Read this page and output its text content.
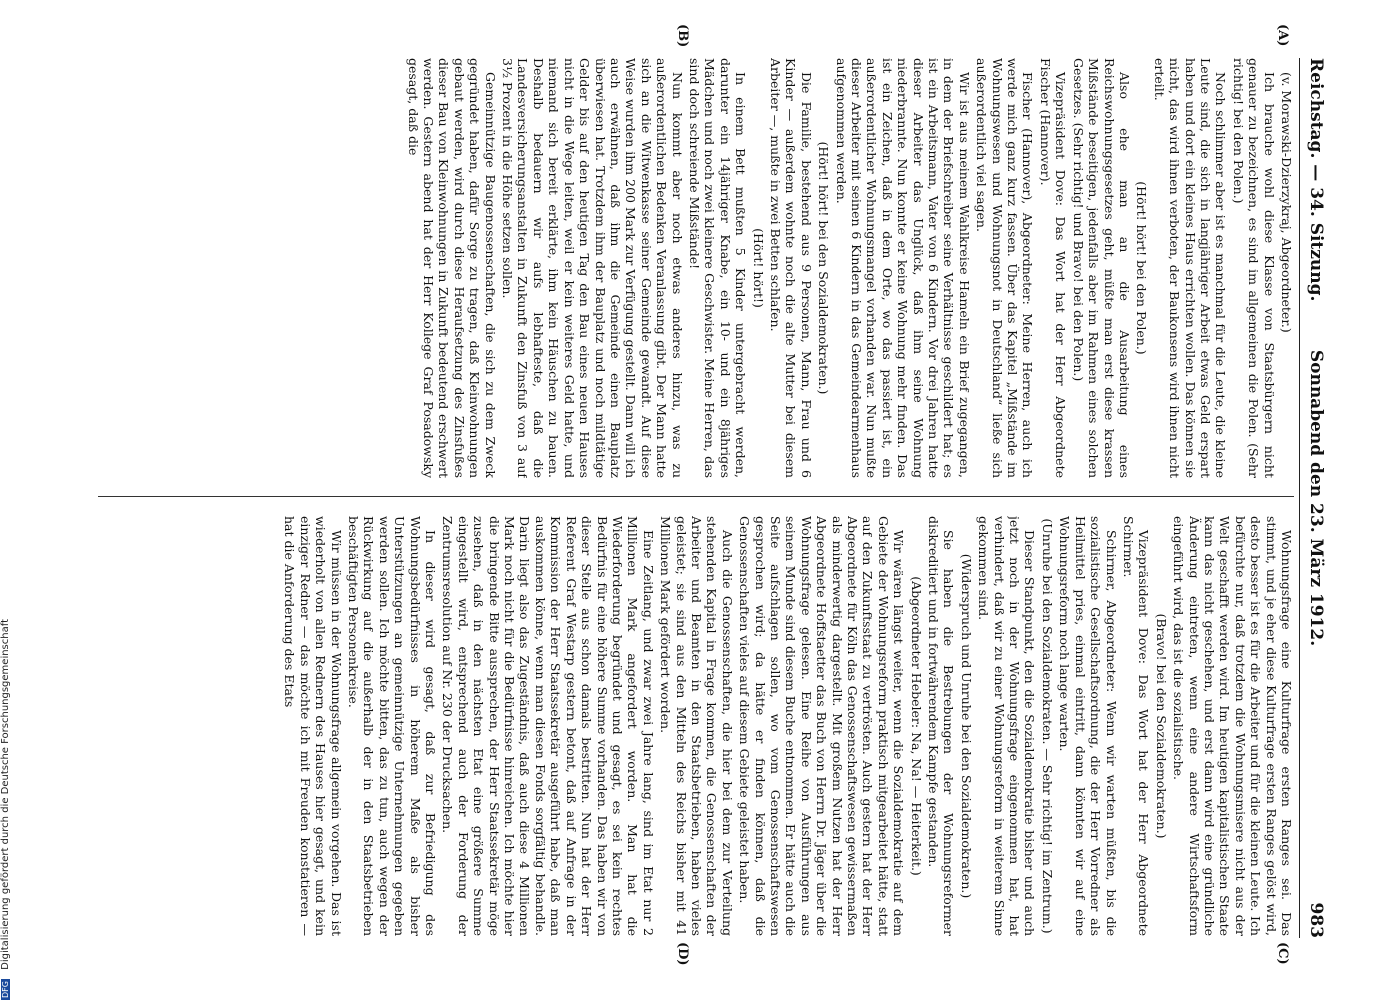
Reichstag. — 34. Sitzung.
Sonnabend den 23. März 1912.
983
(A)
(B)
(C)
(D)

(v. Morawski-Dzierzykraj, Abgeordneter.)

Ich brauche wohl diese Klasse von Staatsbürgern nicht genauer zu bezeichnen, es sind im allgemeinen die Polen. (Sehr richtig! bei den Polen.)

Noch schlimmer aber ist es manchmal für die Leute, die kleine Leute sind, die sich in langjähriger Arbeit etwas Geld erspart haben und dort ein kleines Haus errichten wollen. Das können sie nicht, das wird ihnen verboten, der Baukonsens wird ihnen nicht erteilt.

(Hört! hört! bei den Polen.)

Also ehe man an die Ausarbeitung eines Reichswohnungsgesetzes geht, müßte man erst diese krassen Mißstände beseitigen, jedenfalls aber im Rahmen eines solchen Gesetzes. (Sehr richtig! und Bravo! bei den Polen.)

Vizepräsident Dove: Das Wort hat der Herr Abgeordnete Fischer (Hannover).

Fischer (Hannover), Abgeordneter: Meine Herren, auch ich werde mich ganz kurz fassen. Über das Kapitel „Mißstände im Wohnungswesen und Wohnungsnot in Deutschland“ ließe sich außerordentlich viel sagen.

Wir ist aus meinem Wahlkreise Hameln ein Brief zugegangen, in dem der Briefschreiber seine Verhältnisse geschildert hat; es ist ein Arbeitsmann, Vater von 6 Kindern. Vor drei Jahren hatte dieser Arbeiter das Unglück, daß ihm seine Wohnung niederbrannte. Nun konnte er keine Wohnung mehr finden. Das ist ein Zeichen, daß in dem Orte, wo das passiert ist, ein außerordentlicher Wohnungsmangel vorhanden war. Nun mußte dieser Arbeiter mit seinen 6 Kindern in das Gemeindearmenhaus aufgenommen werden.

(Hört! hört! bei den Sozialdemokraten.)

Die Familie, bestehend aus 9 Personen, Mann, Frau und 6 Kinder — außerdem wohnte noch die alte Mutter bei diesem Arbeiter —, mußte in zwei Betten schlafen.

(Hört! hört!)

In einem Bett mußten 5 Kinder untergebracht werden, darunter ein 14jähriger Knabe, ein 10- und ein 8jähriges Mädchen und noch zwei kleinere Geschwister. Meine Herren, das sind doch schreiende Mißstände!

Nun kommt aber noch etwas anderes hinzu, was zu außerordentlichen Bedenken Veranlassung gibt. Der Mann hatte sich an die Witwenkasse seiner Gemeinde gewandt. Auf diese Weise wurden ihm 200 Mark zur Verfügung gestellt. Dann will ich auch erwähnen, daß ihm die Gemeinde einen Bauplatz überwiesen hat. Trotzdem ihm der Bauplatz und noch mildtätige Gelder bis auf den heutigen Tag den Bau eines neuen Hauses nicht in die Wege leiten, weil er kein weiteres Geld hatte, und niemand sich bereit erklärte, ihm kein Häuschen zu bauen. Deshalb bedauern wir aufs lebhafteste, daß die Landesversicherungsanstalten in Zukunft den Zinsfuß von 3 auf 3½ Prozent in die Höhe setzen sollen.

Gemeinnützige Baugenossenschaften, die sich zu dem Zweck gegründet haben, dafür Sorge zu tragen, daß Kleinwohnungen gebaut werden, wird durch diese Heraufsetzung des Zinsfußes dieser Bau von Kleinwohnungen in Zukunft bedeutend erschwert werden. Gestern abend hat der Herr Kollege Graf Posadowsky gesagt, daß die

Wohnungsfrage eine Kulturfrage ersten Ranges sei. Das stimmt, und je eher diese Kulturfrage ersten Ranges gelöst wird, desto besser ist es für die Arbeiter und für die kleinen Leute. Ich befürchte nur, daß trotzdem die Wohnungsmisere nicht aus der Welt geschafft werden wird. Im heutigen kapitalistischen Staate kann das nicht geschehen, und erst dann wird eine gründliche Änderung eintreten, wenn eine andere Wirtschaftsform eingeführt wird, das ist die sozialistische.

(Bravo! bei den Sozialdemokraten.)

Vizepräsident Dove: Das Wort hat der Herr Abgeordnete Schirmer.

Schirmer, Abgeordneter: Wenn wir warten müßten, bis die sozialistische Gesellschaftsordnung, die der Herr Vorredner als Heilmittel pries, einmal eintritt, dann könnten wir auf eine Wohnungsreform noch lange warten.

(Unruhe bei den Sozialdemokraten. — Sehr richtig! im Zentrum.)

Dieser Standpunkt, den die Sozialdemokratie bisher und auch jetzt noch in der Wohnungsfrage eingenommen hat, hat verhindert, daß wir zu einer Wohnungsreform in weiterem Sinne gekommen sind.

(Widerspruch und Unruhe bei den Sozialdemokraten.)

Sie haben die Bestrebungen der Wohnungsreformer diskreditiert und in fortwährendem Kampfe gestanden.

(Abgeordneter Hebeler: Na, Na! — Heiterkeit.)

Wir wären längst weiter, wenn die Sozialdemokratie auf dem Gebiete der Wohnungsreform praktisch mitgearbeitet hätte, statt auf den Zukunftsstaat zu vertrösten. Auch gestern hat der Herr Abgeordnete für Köln das Genossenschaftswesen gewissermaßen als minderwertig dargestellt. Mit großem Nutzen hat der Herr Abgeordnete Hoffstaetter das Buch von Herrn Dr. Jäger über die Wohnungsfrage gelesen. Eine Reihe von Ausführungen aus seinem Munde sind diesem Buche entnommen. Er hätte auch die Seite aufschlagen sollen, wo vom Genossenschaftswesen gesprochen wird; da hätte er finden können, daß die Genossenschaften vieles auf diesem Gebiete geleistet haben.

Auch die Genossenschaften, die hier bei dem zur Verteilung stehenden Kapital in Frage kommen, die Genossenschaften der Arbeiter und Beamten in den Staatsbetrieben, haben vieles geleistet; sie sind aus den Mitteln des Reichs bisher mit 41 Millionen Mark gefördert worden.

Eine Zeitlang, und zwar zwei Jahre lang, sind im Etat nur 2 Millionen Mark angefordert worden. Man hat die Wiederforderung begründet und gesagt, es sei kein rechtes Bedürfnis für eine höhere Summe vorhanden. Das haben wir von dieser Stelle aus schon damals bestritten. Nun hat der Herr Referent Graf Westarp gestern betont, daß auf Anfrage in der Kommission der Herr Staatssekretär ausgeführt habe, daß man auskommen könne, wenn man diesen Fonds sorgfältig behandle. Darin liegt also das Zugeständnis, daß auch diese 4 Millionen Mark noch nicht für die Bedürfnisse hinreichen. Ich möchte hier die bringende Bitte aussprechen, der Herr Staatssekretär möge zusehen, daß in den nächsten Etat eine größere Summe eingestellt wird, entsprechend auch der Forderung der Zentrumsresolution auf Nr. 230 der Drucksachen.

In dieser wird gesagt, daß zur Befriedigung des Wohnungsbedürfnisses in höherem Maße als bisher Unterstützungen an gemeinnützige Unternehmungen gegeben werden sollen. Ich möchte bitten, das zu tun, auch wegen der Rückwirkung auf die außerhalb der in den Staatsbetrieben beschäftigten Personenkreise.

Wir müssen in der Wohnungsfrage allgemein vorgehen. Das ist wiederholt von allen Rednern des Hauses hier gesagt, und kein einziger Redner — das möchte ich mit Freuden konstatieren — hat die Anforderung des Etats

DFG Digitalisierung gefördert durch die Deutsche Forschungsgemeinschaft
